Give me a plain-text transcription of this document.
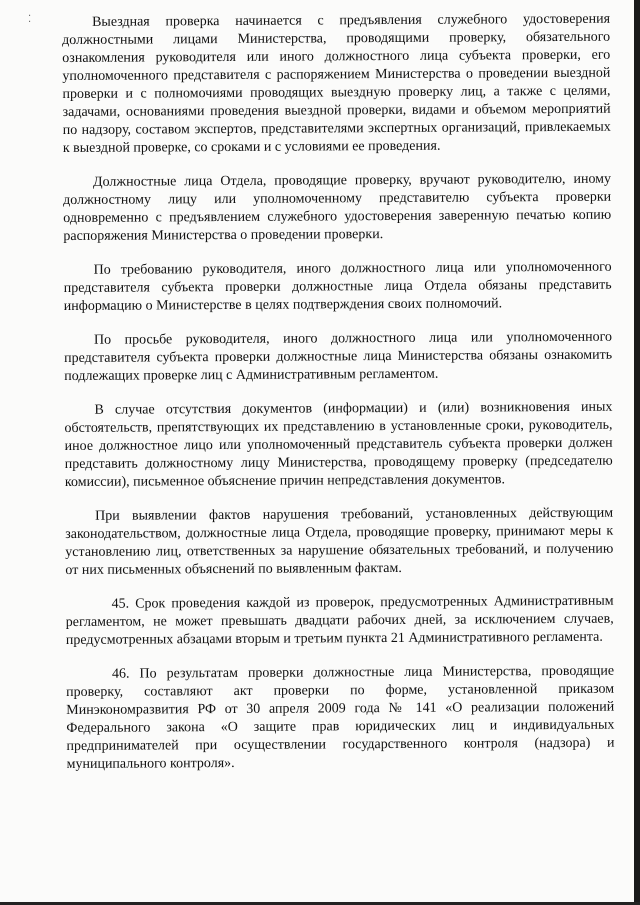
⁚	Выездная проверка начинается с предъявления служебного удостоверения должностными лицами Министерства, проводящими проверку, обязательного ознакомления руководителя или иного должностного лица субъекта проверки, его уполномоченного представителя с распоряжением Министерства о проведении выездной проверки и с полномочиями проводящих выездную проверку лиц, а также с целями, задачами, основаниями проведения выездной проверки, видами и объемом мероприятий по надзору, составом экспертов, представителями экспертных организаций, привлекаемых к выездной проверке, со сроками и с условиями ее проведения.

Должностные лица Отдела, проводящие проверку, вручают руководителю, иному должностному лицу или уполномоченному представителю субъекта проверки одновременно с предъявлением служебного удостоверения заверенную печатью копию распоряжения Министерства о проведении проверки.

По требованию руководителя, иного должностного лица или уполномоченного представителя субъекта проверки должностные лица Отдела обязаны представить информацию о Министерстве в целях подтверждения своих полномочий.

По просьбе руководителя, иного должностного лица или уполномоченного представителя субъекта проверки должностные лица Министерства обязаны ознакомить подлежащих проверке лиц с Административным регламентом.

В случае отсутствия документов (информации) и (или) возникновения иных обстоятельств, препятствующих их представлению в установленные сроки, руководитель, иное должностное лицо или уполномоченный представитель субъекта проверки должен представить должностному лицу Министерства, проводящему проверку (председателю комиссии), письменное объяснение причин непредставления документов.

При выявлении фактов нарушения требований, установленных действующим законодательством, должностные лица Отдела, проводящие проверку, принимают меры к установлению лиц, ответственных за нарушение обязательных требований, и получению от них письменных объяснений по выявленным фактам.

45. Срок проведения каждой из проверок, предусмотренных Административным регламентом, не может превышать двадцати рабочих дней, за исключением случаев, предусмотренных абзацами вторым и третьим пункта 21 Административного регламента.

46. По результатам проверки должностные лица Министерства, проводящие проверку, составляют акт проверки по форме, установленной приказом Минэкономразвития РФ от 30 апреля 2009 года № 141 «О реализации положений Федерального закона «О защите прав юридических лиц и индивидуальных предпринимателей при осуществлении государственного контроля (надзора) и муниципального контроля».
